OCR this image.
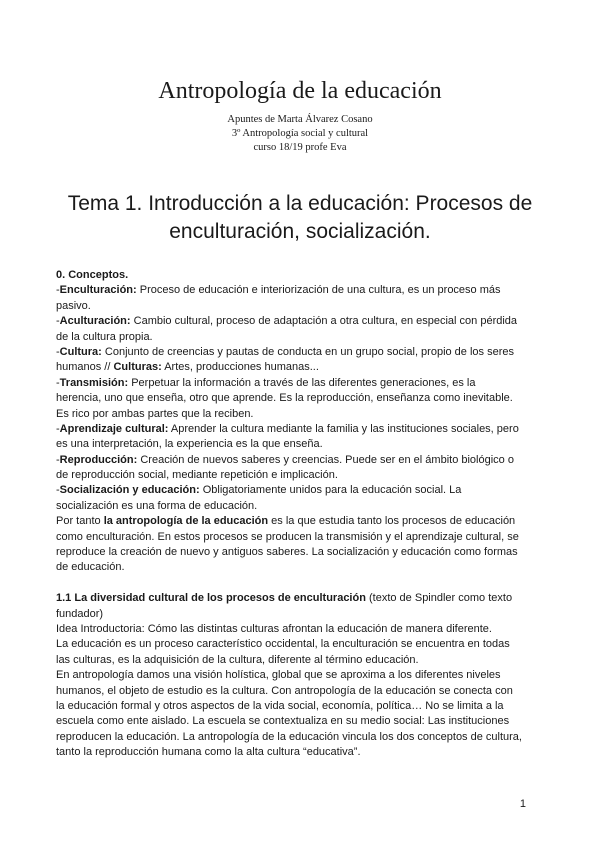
Antropología de la educación
Apuntes de Marta Álvarez Cosano
3º Antropología social y cultural
curso 18/19 profe Eva
Tema 1. Introducción a la educación: Procesos de
enculturación, socialización.
0. Conceptos.
-Enculturación: Proceso de educación e interiorización de una cultura, es un proceso más
pasivo.
-Aculturación: Cambio cultural, proceso de adaptación a otra cultura, en especial con pérdida
de la cultura propia.
-Cultura: Conjunto de creencias y pautas de conducta en un grupo social, propio de los seres
humanos // Culturas: Artes, producciones humanas...
-Transmisión: Perpetuar la información a través de las diferentes generaciones, es la
herencia, uno que enseña, otro que aprende. Es la reproducción, enseñanza como inevitable.
Es rico por ambas partes que la reciben.
-Aprendizaje cultural: Aprender la cultura mediante la familia y las instituciones sociales, pero
es una interpretación, la experiencia es la que enseña.
-Reproducción: Creación de nuevos saberes y creencias. Puede ser en el ámbito biológico o
de reproducción social, mediante repetición e implicación.
-Socialización y educación: Obligatoriamente unidos para la educación social. La
socialización es una forma de educación.
Por tanto la antropología de la educación es la que estudia tanto los procesos de educación
como enculturación. En estos procesos se producen la transmisión y el aprendizaje cultural, se
reproduce la creación de nuevo y antiguos saberes. La socialización y educación como formas
de educación.
1.1 La diversidad cultural de los procesos de enculturación (texto de Spindler como texto
fundador)
Idea Introductoria: Cómo las distintas culturas afrontan la educación de manera diferente.
La educación es un proceso característico occidental, la enculturación se encuentra en todas
las culturas, es la adquisición de la cultura, diferente al término educación.
En antropología damos una visión holística, global que se aproxima a los diferentes niveles
humanos, el objeto de estudio es la cultura. Con antropología de la educación se conecta con
la educación formal y otros aspectos de la vida social, economía, política… No se limita a la
escuela como ente aislado. La escuela se contextualiza en su medio social: Las instituciones
reproducen la educación. La antropología de la educación vincula los dos conceptos de cultura,
tanto la reproducción humana como la alta cultura “educativa”.
1
